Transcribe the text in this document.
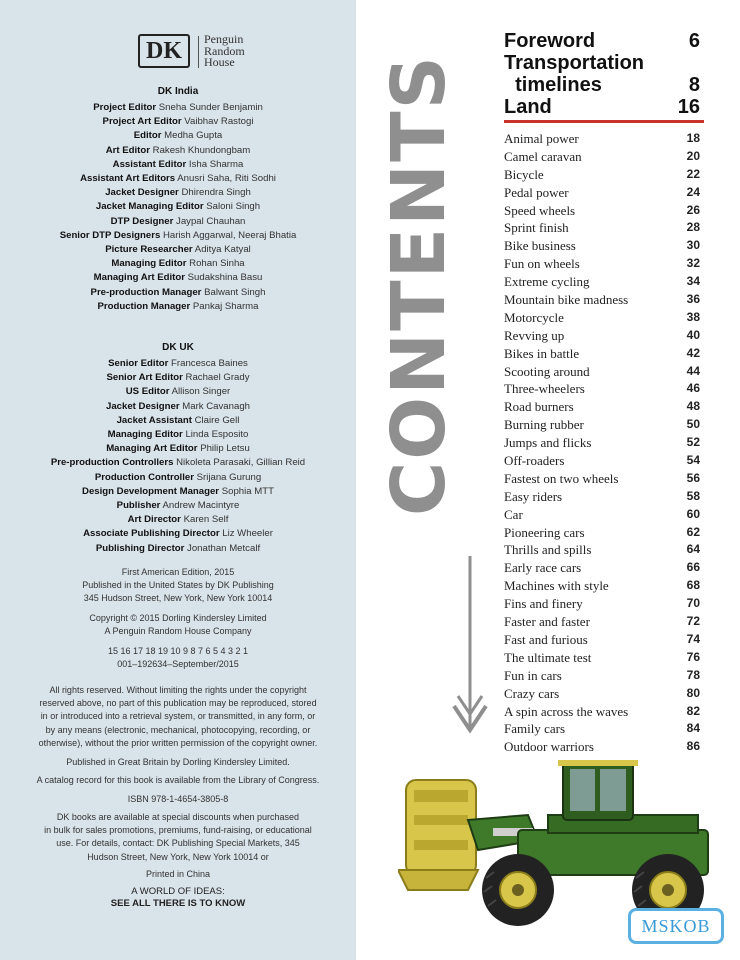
DK	Penguin
Random
House
DK India
Project Editor Sneha Sunder Benjamin
Project Art Editor Vaibhav Rastogi
Editor Medha Gupta
Art Editor Rakesh Khundongbam
Assistant Editor Isha Sharma
Assistant Art Editors Anusri Saha, Riti Sodhi
Jacket Designer Dhirendra Singh
Jacket Managing Editor Saloni Singh
DTP Designer Jaypal Chauhan
Senior DTP Designers Harish Aggarwal, Neeraj Bhatia
Picture Researcher Aditya Katyal
Managing Editor Rohan Sinha
Managing Art Editor Sudakshina Basu
Pre-production Manager Balwant Singh
Production Manager Pankaj Sharma
DK UK
Senior Editor Francesca Baines
Senior Art Editor Rachael Grady
US Editor Allison Singer
Jacket Designer Mark Cavanagh
Jacket Assistant Claire Gell
Managing Editor Linda Esposito
Managing Art Editor Philip Letsu
Pre-production Controllers Nikoleta Parasaki, Gillian Reid
Production Controller Srijana Gurung
Design Development Manager Sophia MTT
Publisher Andrew Macintyre
Art Director Karen Self
Associate Publishing Director Liz Wheeler
Publishing Director Jonathan Metcalf

First American Edition, 2015

Published in the United States by DK Publishing

345 Hudson Street, New York, New York 10014

Copyright © 2015 Dorling Kindersley Limited

A Penguin Random House Company

15 16 17 18 19 10 9 8 7 6 5 4 3 2 1

001–192634–September/2015

All rights reserved. Without limiting the rights under the copyright

reserved above, no part of this publication may be reproduced, stored

in or introduced into a retrieval system, or transmitted, in any form, or

by any means (electronic, mechanical, photocopying, recording, or

otherwise), without the prior written permission of the copyright owner.

Published in Great Britain by Dorling Kindersley Limited.
A catalog record for this book is available from the Library of Congress.
ISBN 978-1-4654-3805-8

DK books are available at special discounts when purchased

in bulk for sales promotions, premiums, fund-raising, or educational

use. For details, contact: DK Publishing Special Markets, 345

Hudson Street, New York, New York 10014 or

Printed in China
A WORLD OF IDEAS:
SEE ALL THERE IS TO KNOW
CONTENTS
Foreword	6
Transportation
timelines	8
Land	16
Animal power	18
Camel caravan	20
Bicycle	22
Pedal power	24
Speed wheels	26
Sprint finish	28
Bike business	30
Fun on wheels	32
Extreme cycling	34
Mountain bike madness	36
Motorcycle	38
Revving up	40
Bikes in battle	42
Scooting around	44
Three-wheelers	46
Road burners	48
Burning rubber	50
Jumps and flicks	52
Off-roaders	54
Fastest on two wheels	56
Easy riders	58
Car	60
Pioneering cars	62
Thrills and spills	64
Early race cars	66
Machines with style	68
Fins and finery	70
Faster and faster	72
Fast and furious	74
The ultimate test	76
Fun in cars	78
Crazy cars	80
A spin across the waves	82
Family cars	84
Outdoor warriors	86
MSKOB
